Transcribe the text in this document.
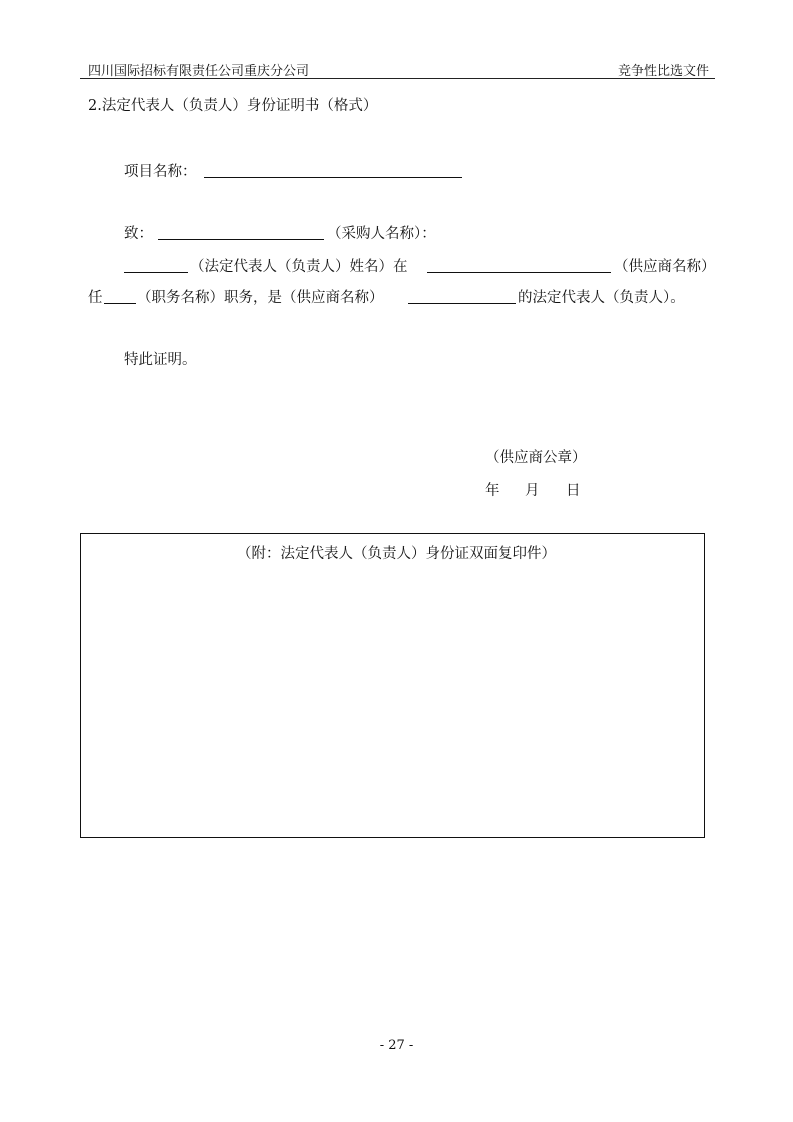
四川国际招标有限责任公司重庆分公司	竞争性比选文件
2.法定代表人（负责人）身份证明书（格式）
项目名称：
致：	（采购人名称）：
（法定代表人（负责人）姓名）在	（供应商名称）
任 （职务名称）职务，是（供应商名称）	的法定代表人（负责人）。
特此证明。
（供应商公章）
年 月 日
（附：法定代表人（负责人）身份证双面复印件）
- 27 -
